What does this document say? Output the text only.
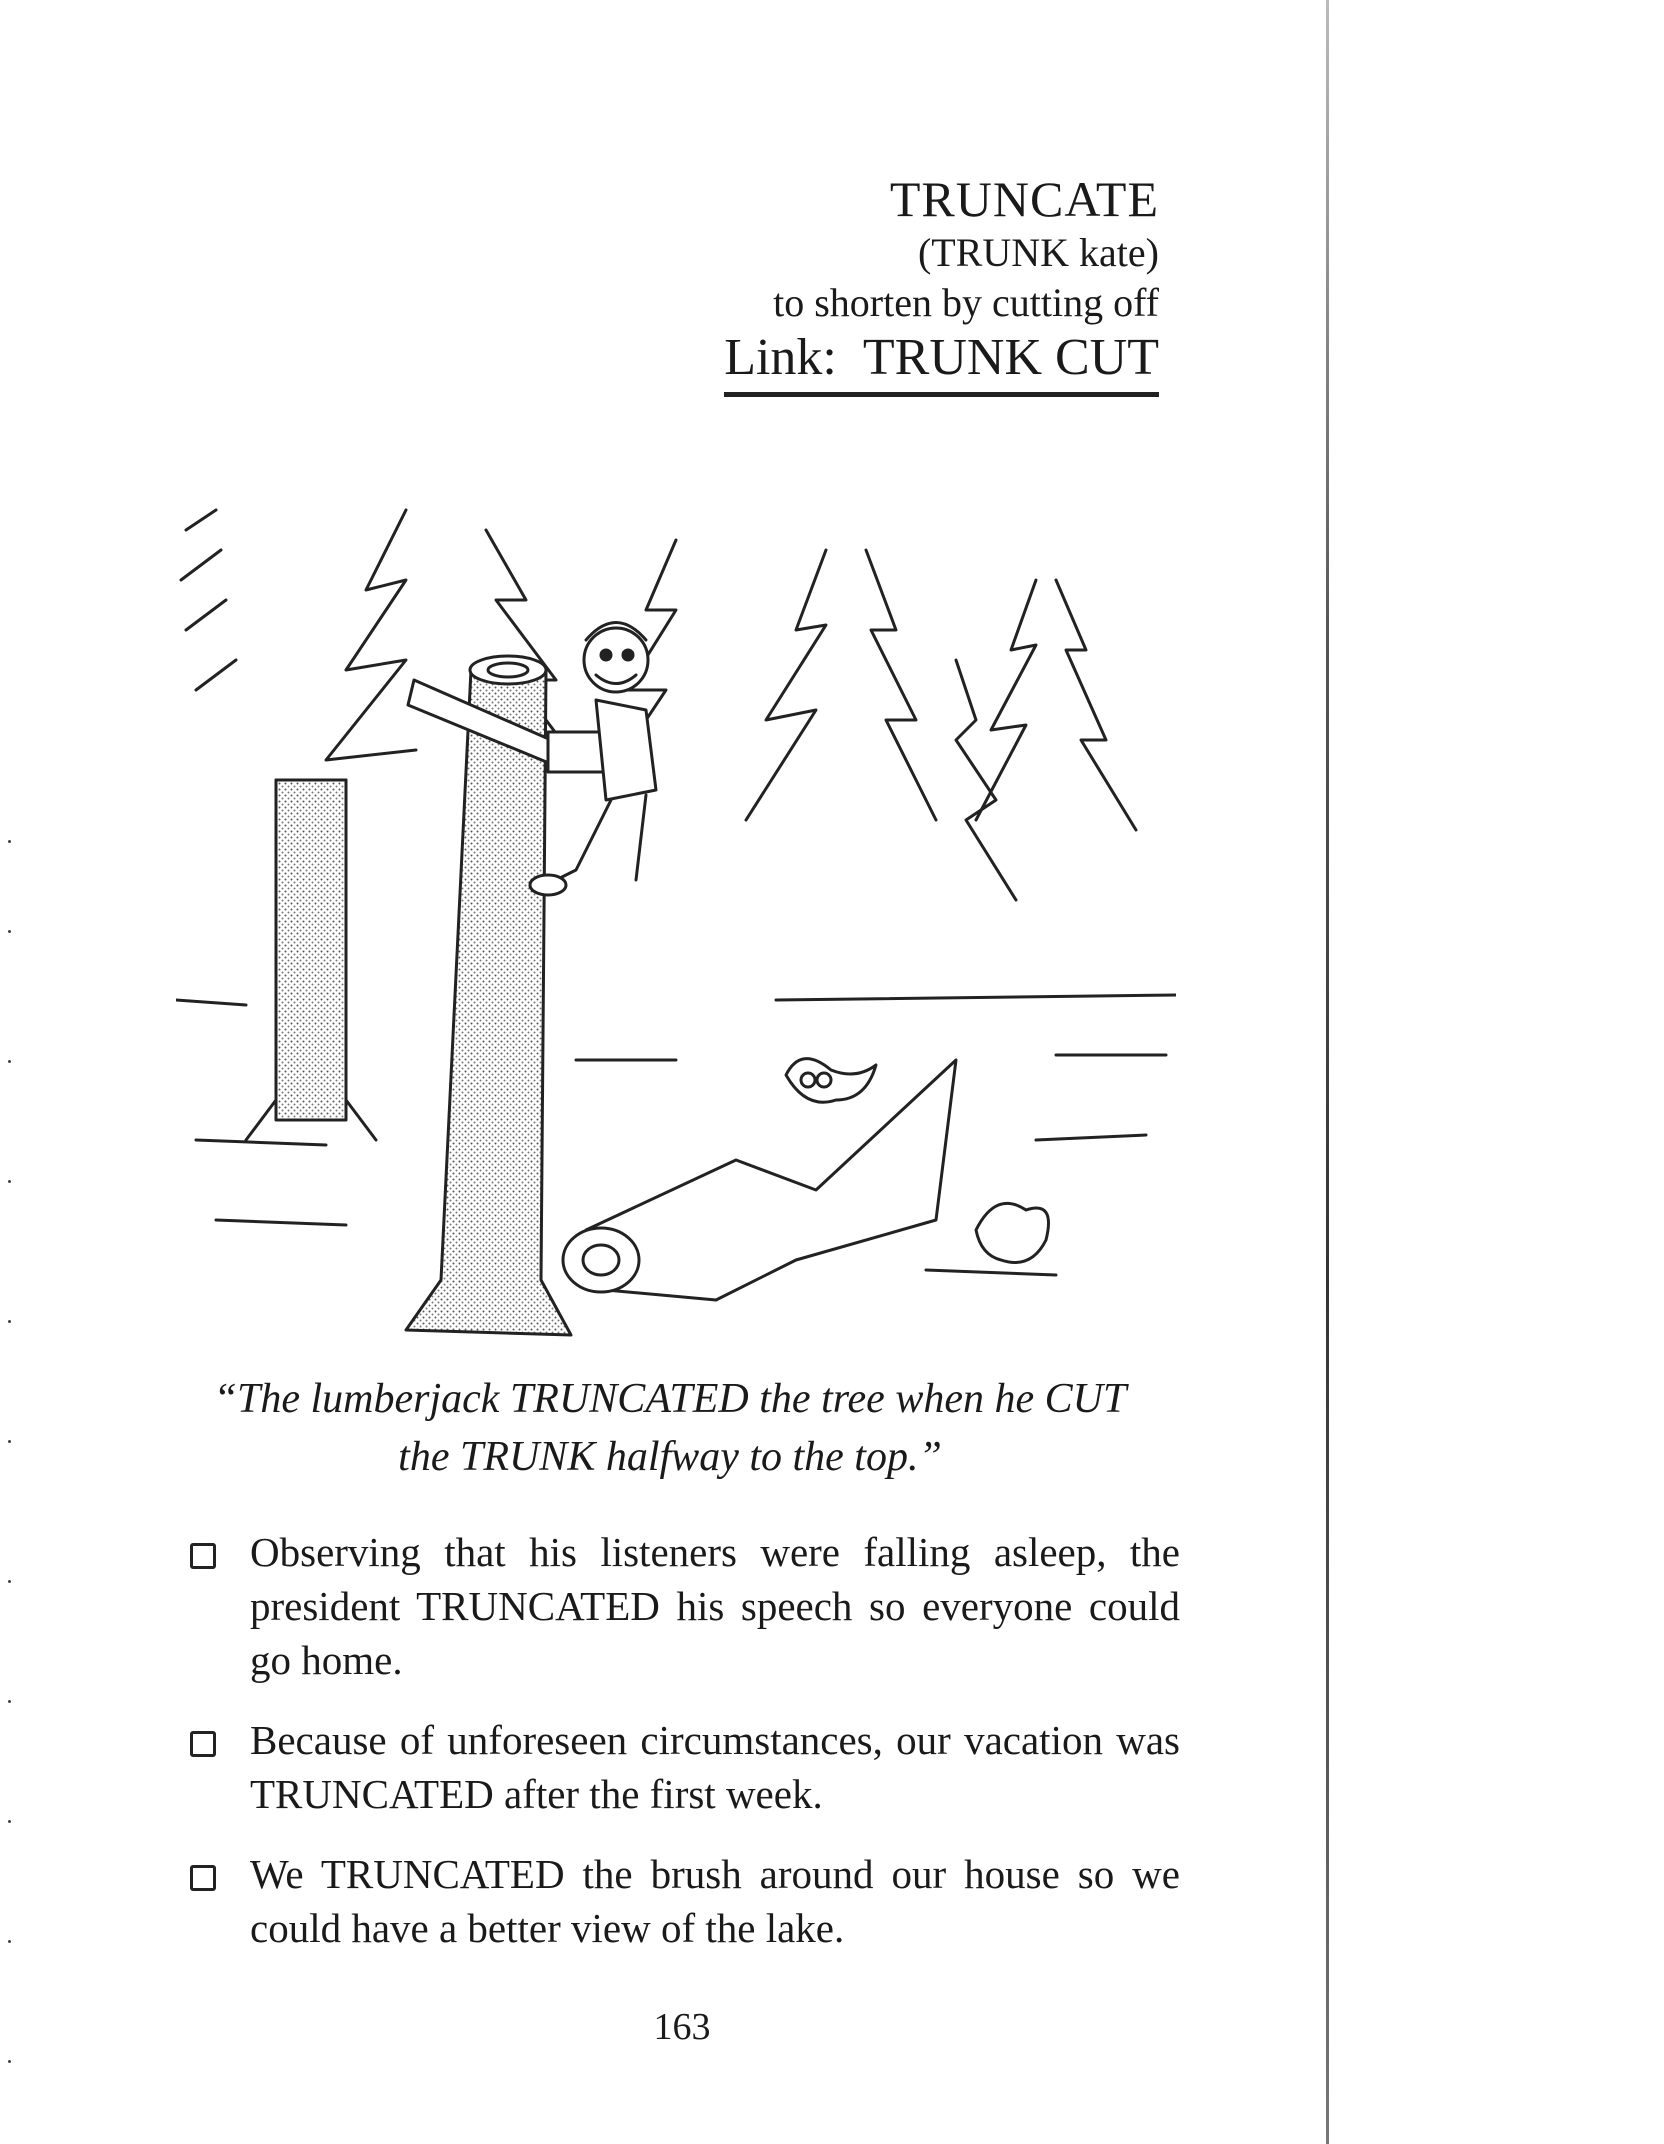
TRUNCATE
(TRUNK kate)
to shorten by cutting off
Link: TRUNK CUT
“The lumberjack TRUNCATED the tree when he CUT
the TRUNK halfway to the top.”
Observing that his listeners were falling asleep, the president TRUNCATED his speech so everyone could go home.
Because of unforeseen circumstances, our vacation was TRUNCATED after the first week.
We TRUNCATED the brush around our house so we could have a better view of the lake.
163
